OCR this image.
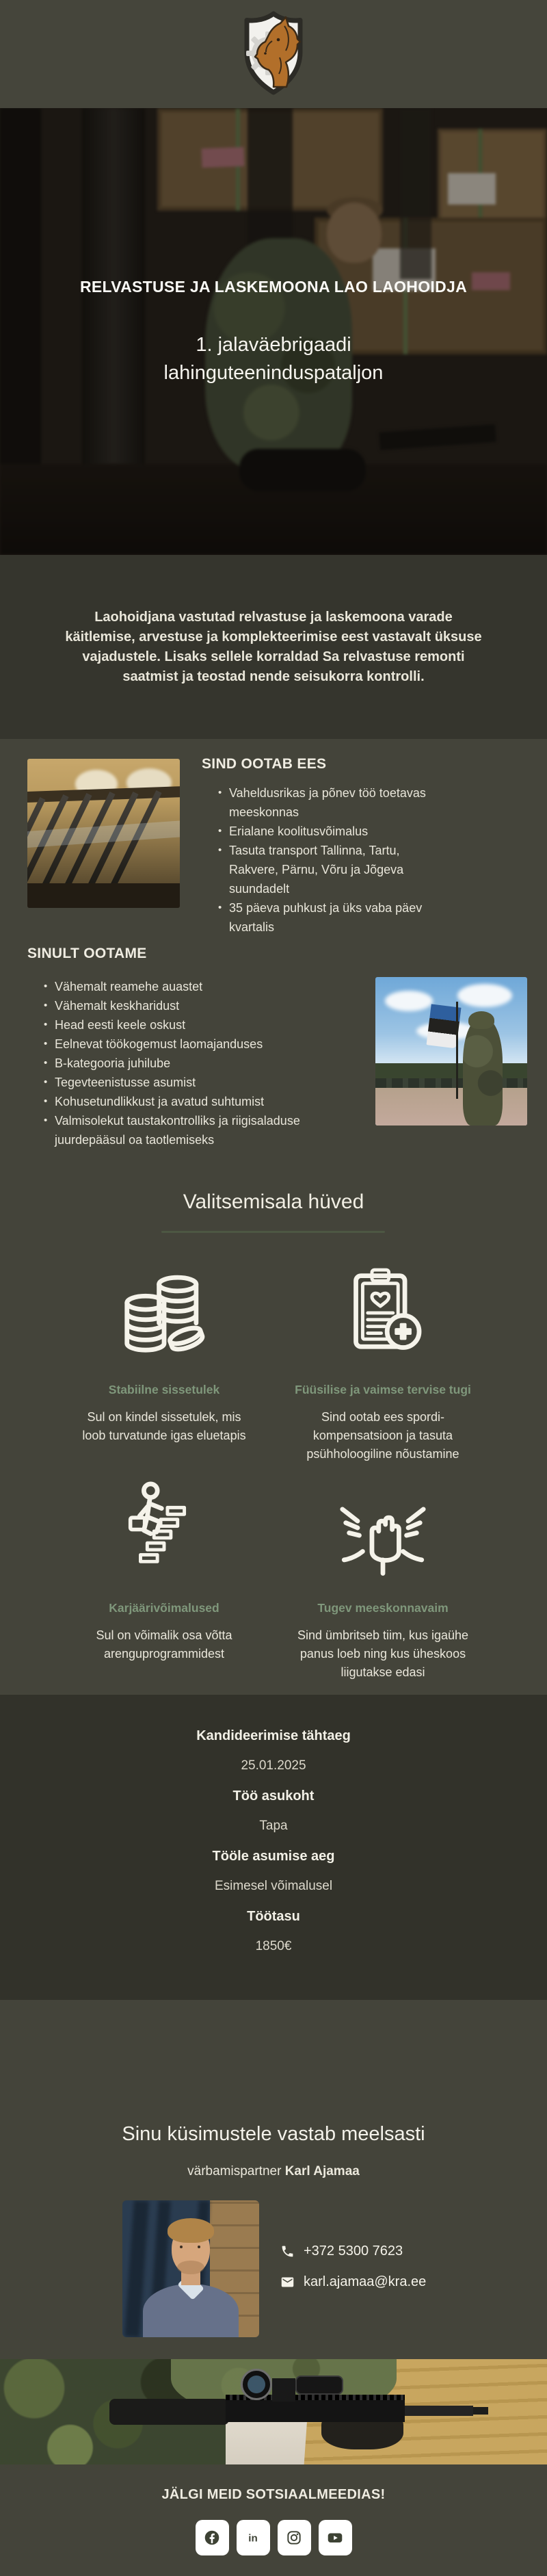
RELVASTUSE JA LASKEMOONA LAO LAOHOIDJA
1. jalaväebrigaadi lahinguteeninduspataljon

Laohoidjana vastutad relvastuse ja laskemoona varade käitlemise, arvestuse ja komplekteerimise eest vastavalt üksuse vajadustele. Lisaks sellele korraldad Sa relvastuse remonti saatmist ja teostad nende seisukorra kontrolli.

SIND OOTAB EES
• Vaheldusrikas ja põnev töö toetavas meeskonnas
• Erialane koolitusvõimalus
• Tasuta transport Tallinna, Tartu, Rakvere, Pärnu, Võru ja Jõgeva suundadelt
• 35 päeva puhkust ja üks vaba päev kvartalis
SINULT OOTAME
• Vähemalt reamehe auastet
• Vähemalt keskharidust
• Head eesti keele oskust
• Eelnevat töökogemust laomajanduses
• B-kategooria juhilube
• Tegevteenistusse asumist
• Kohusetundlikkust ja avatud suhtumist
• Valmisolekut taustakontrolliks ja riigisaladuse juurdepääsul oa taotlemiseks
Valitsemisala hüved

Stabiilne sissetulek

Sul on kindel sissetulek, mis loob turvatunde igas eluetapis

Füüsilise ja vaimse tervise tugi

Sind ootab ees spordi-kompensatsioon ja tasuta psühholoogiline nõustamine

Karjäärivõimalused

Sul on võimalik osa võtta arenguprogrammidest

Tugev meeskonnavaim

Sind ümbritseb tiim, kus igaühe panus loeb ning kus üheskoos liigutakse edasi

Kandideerimise tähtaeg

25.01.2025

Töö asukoht

Tapa

Tööle asumise aeg

Esimesel võimalusel

Töötasu

1850€

Sinu küsimustele vastab meelsasti
värbamispartner Karl Ajamaa
+372 5300 7623
karl.ajamaa@kra.ee
JÄLGI MEID SOTSIAALMEEDIAS!
in
